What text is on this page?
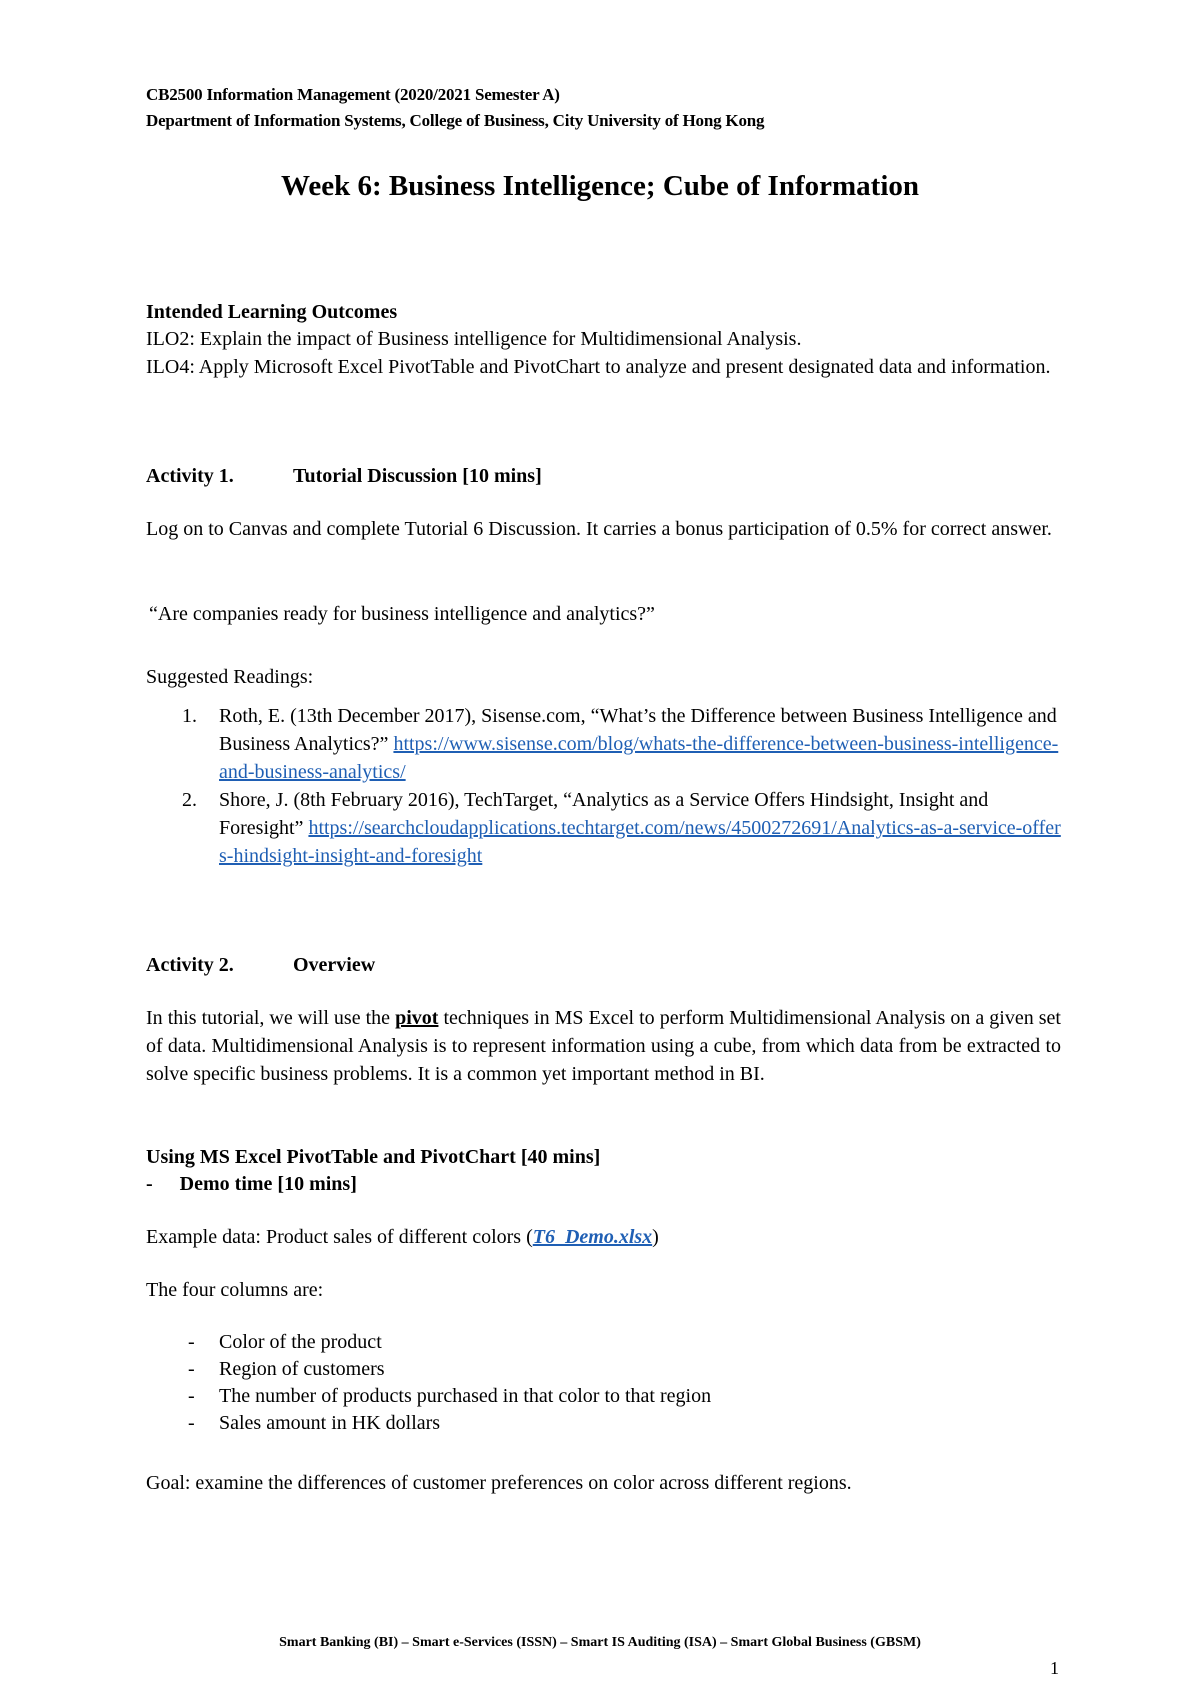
CB2500 Information Management (2020/2021 Semester A)
Department of Information Systems, College of Business, City University of Hong Kong
Week 6: Business Intelligence; Cube of Information
Intended Learning Outcomes
ILO2: Explain the impact of Business intelligence for Multidimensional Analysis.
ILO4: Apply Microsoft Excel PivotTable and PivotChart to analyze and present designated data and information.
Activity 1.	Tutorial Discussion [10 mins]
Log on to Canvas and complete Tutorial 6 Discussion. It carries a bonus participation of 0.5% for correct answer.
“Are companies ready for business intelligence and analytics?”
Suggested Readings:
1. Roth, E. (13th December 2017), Sisense.com, “What’s the Difference between Business Intelligence and Business Analytics?” https://www.sisense.com/blog/whats-the-difference-between-business-intelligence-and-business-analytics/
2. Shore, J. (8th February 2016), TechTarget, “Analytics as a Service Offers Hindsight, Insight and Foresight” https://searchcloudapplications.techtarget.com/news/4500272691/Analytics-as-a-service-offers-hindsight-insight-and-foresight
Activity 2.	Overview
In this tutorial, we will use the pivot techniques in MS Excel to perform Multidimensional Analysis on a given set of data. Multidimensional Analysis is to represent information using a cube, from which data from be extracted to solve specific business problems. It is a common yet important method in BI.
Using MS Excel PivotTable and PivotChart [40 mins]
- Demo time [10 mins]
Example data: Product sales of different colors (T6_Demo.xlsx)
The four columns are:
- Color of the product
- Region of customers
- The number of products purchased in that color to that region
- Sales amount in HK dollars
Goal: examine the differences of customer preferences on color across different regions.
Smart Banking (BI) – Smart e-Services (ISSN) – Smart IS Auditing (ISA) – Smart Global Business (GBSM)
1
